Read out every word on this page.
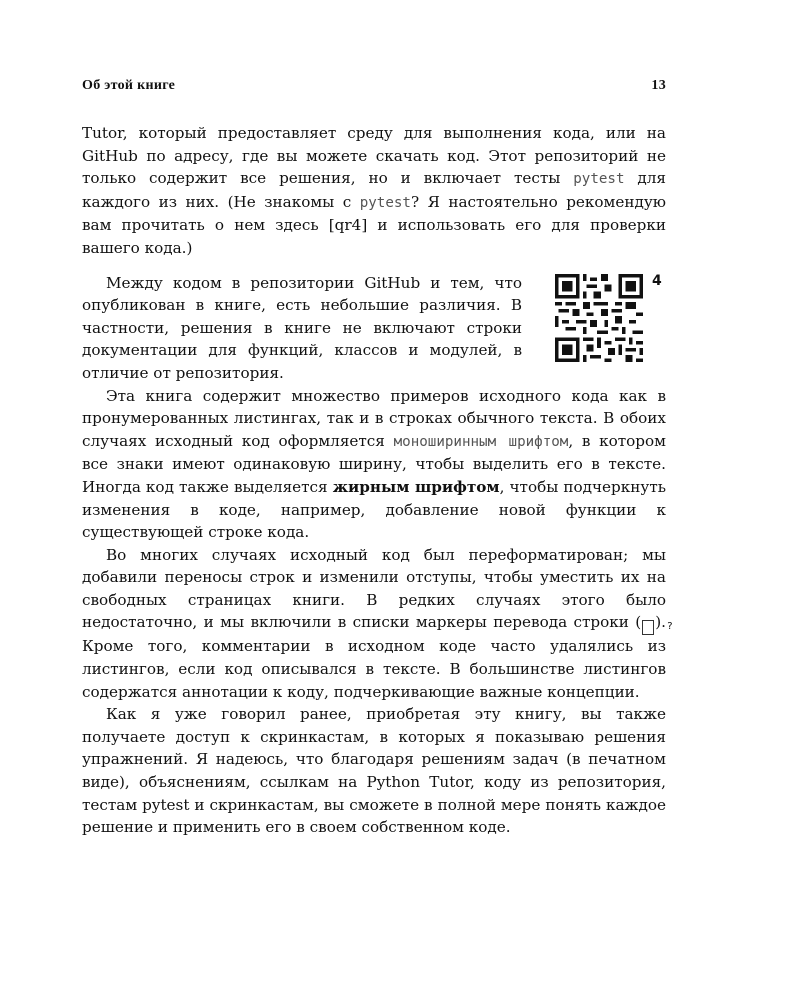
Об этой книге	13

Tutor, который предоставляет среду для выполнения кода, или на GitHub по адресу, где вы можете скачать код. Этот репозиторий не только содержит все решения, но и включает тесты pytest для каждого из них. (Не знакомы с pytest? Я настоятельно рекомендую вам прочитать о нем здесь [qr4] и использовать его для проверки вашего кода.)

4

Между кодом в репозитории GitHub и тем, что опубликован в книге, есть небольшие различия. В частности, решения в книге не включают строки документации для функций, классов и модулей, в отличие от репозитория.

Эта книга содержит множество примеров исходного кода как в пронумерованных листингах, так и в строках обычного текста. В обоих случаях исходный код оформляется моноширинным шрифтом, в котором все знаки имеют одинаковую ширину, чтобы выделить его в тексте. Иногда код также выделяется жирным шрифтом, чтобы подчеркнуть изменения в коде, например, добавление новой функции к существующей строке кода.

Во многих случаях исходный код был переформатирован; мы добавили переносы строк и изменили отступы, чтобы уместить их на свободных страницах книги. В редких случаях этого было недостаточно, и мы включили в списки маркеры перевода строки (	?). Кроме того, комментарии в исходном коде часто удалялись из листингов, если код описывался в тексте. В большинстве листингов содержатся аннотации к коду, подчеркивающие важные концепции.

Как я уже говорил ранее, приобретая эту книгу, вы также получаете доступ к скринкастам, в которых я показываю решения упражнений. Я надеюсь, что благодаря решениям задач (в печатном виде), объяснениям, ссылкам на Python Tutor, коду из репозитория, тестам pytest и скринкастам, вы сможете в полной мере понять каждое решение и применить его в своем собственном коде.
